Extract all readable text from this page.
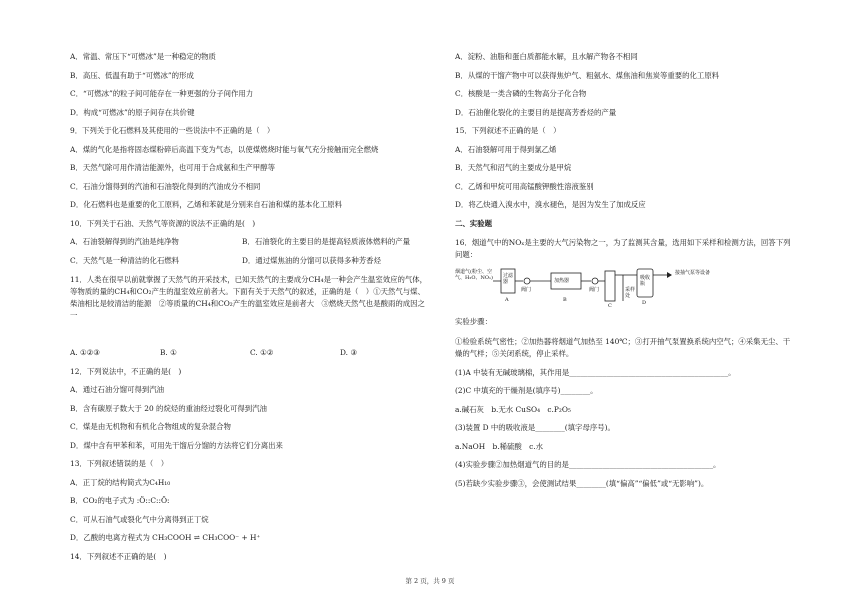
A．常温、常压下“可燃冰”是一种稳定的物质
B．高压、低温有助于“可燃冰”的形成
C．“可燃冰”的粒子间可能存在一种更强的分子间作用力
D．构成“可燃冰”的原子间存在共价键
9．下列关于化石燃料及其使用的一些说法中不正确的是（　）
A．煤的气化是指将固态煤粉碎后高温下变为气态，以使煤燃烧时能与氧气充分接触而完全燃烧
B．天然气除可用作清洁能源外，也可用于合成氨和生产甲醇等
C．石油分馏得到的汽油和石油裂化得到的汽油成分不相同
D．化石燃料也是重要的化工原料，乙烯和苯就是分别来自石油和煤的基本化工原料
10．下列关于石油、天然气等资源的说法不正确的是(　)
A．石油裂解得到的汽油是纯净物	B．石油裂化的主要目的是提高轻质液体燃料的产量
C．天然气是一种清洁的化石燃料	D．通过煤焦油的分馏可以获得多种芳香烃
11．人类在很早以前就掌握了天然气的开采技术，已知天然气的主要成分CH₄是一种会产生温室效应的气体，等物质的量的CH₄和CO₂产生的温室效应前者大。下面有关于天然气的叙述，正确的是（　）①天然气与煤、柴油相比是较清洁的能源　②等质量的CH₄和CO₂产生的温室效应是前者大　③燃烧天然气也是酸雨的成因之一
A. ①②③	B. ①	C. ①②	D. ③
12．下列说法中，不正确的是(　)
A．通过石油分馏可得到汽油
B．含有碳原子数大于 20 的烷烃的重油经过裂化可得到汽油
C．煤是由无机物和有机化合物组成的复杂混合物
D．煤中含有甲苯和苯，可用先干馏后分馏的方法将它们分离出来
13．下列叙述错误的是（　）
A．正丁烷的结构简式为C₄H₁₀
B．CO₂的电子式为 :Ö::C::Ö:
C．可从石油气或裂化气中分离得到正丁烷
D．乙酸的电离方程式为 CH₃COOH ⇌ CH₃COO⁻ + H⁺
14．下列叙述不正确的是(　)
A．淀粉、油脂和蛋白质都能水解，且水解产物各不相同
B．从煤的干馏产物中可以获得焦炉气、粗氨水、煤焦油和焦炭等重要的化工原料
C．核酸是一类含磷的生物高分子化合物
D．石油催化裂化的主要目的是提高芳香烃的产量
15．下列叙述不正确的是（　）
A．石油裂解可用于得到氯乙烯
B．天然气和沼气的主要成分是甲烷
C．乙烯和甲烷可用高锰酸钾酸性溶液鉴别
D．将乙炔通入溴水中，溴水褪色，是因为发生了加成反应
二、实验题
16．烟道气中的NOₓ是主要的大气污染物之一，为了监测其含量，选用如下采样和检测方法，回答下列问题：
烟道气(粉尘、空气、H₂O、NOₓ) 过滤器
A
阀门
加热器
B
阀门
C
采样处
吸收瓶
D
接抽气泵等设备
实验步骤：
①检验系统气密性；②加热器将烟道气加热至 140℃；③打开抽气泵置换系统内空气；④采集无尘、干燥的气样；⑤关闭系统，停止采样。
(1)A 中装有无碱玻璃棉，其作用是___________________________________________。
(2)C 中填充的干燥剂是(填序号)________。
a.碱石灰　b.无水 CuSO₄　c.P₂O₅
(3)装置 D 中的吸收液是________(填字母序号)。
a.NaOH　b.稀硫酸　c.水
(4)实验步骤②加热烟道气的目的是_______________________________________。
(5)若缺少实验步骤③，会使测试结果________(填“偏高”“偏低”或“无影响”)。
第 2 页，共 9 页
